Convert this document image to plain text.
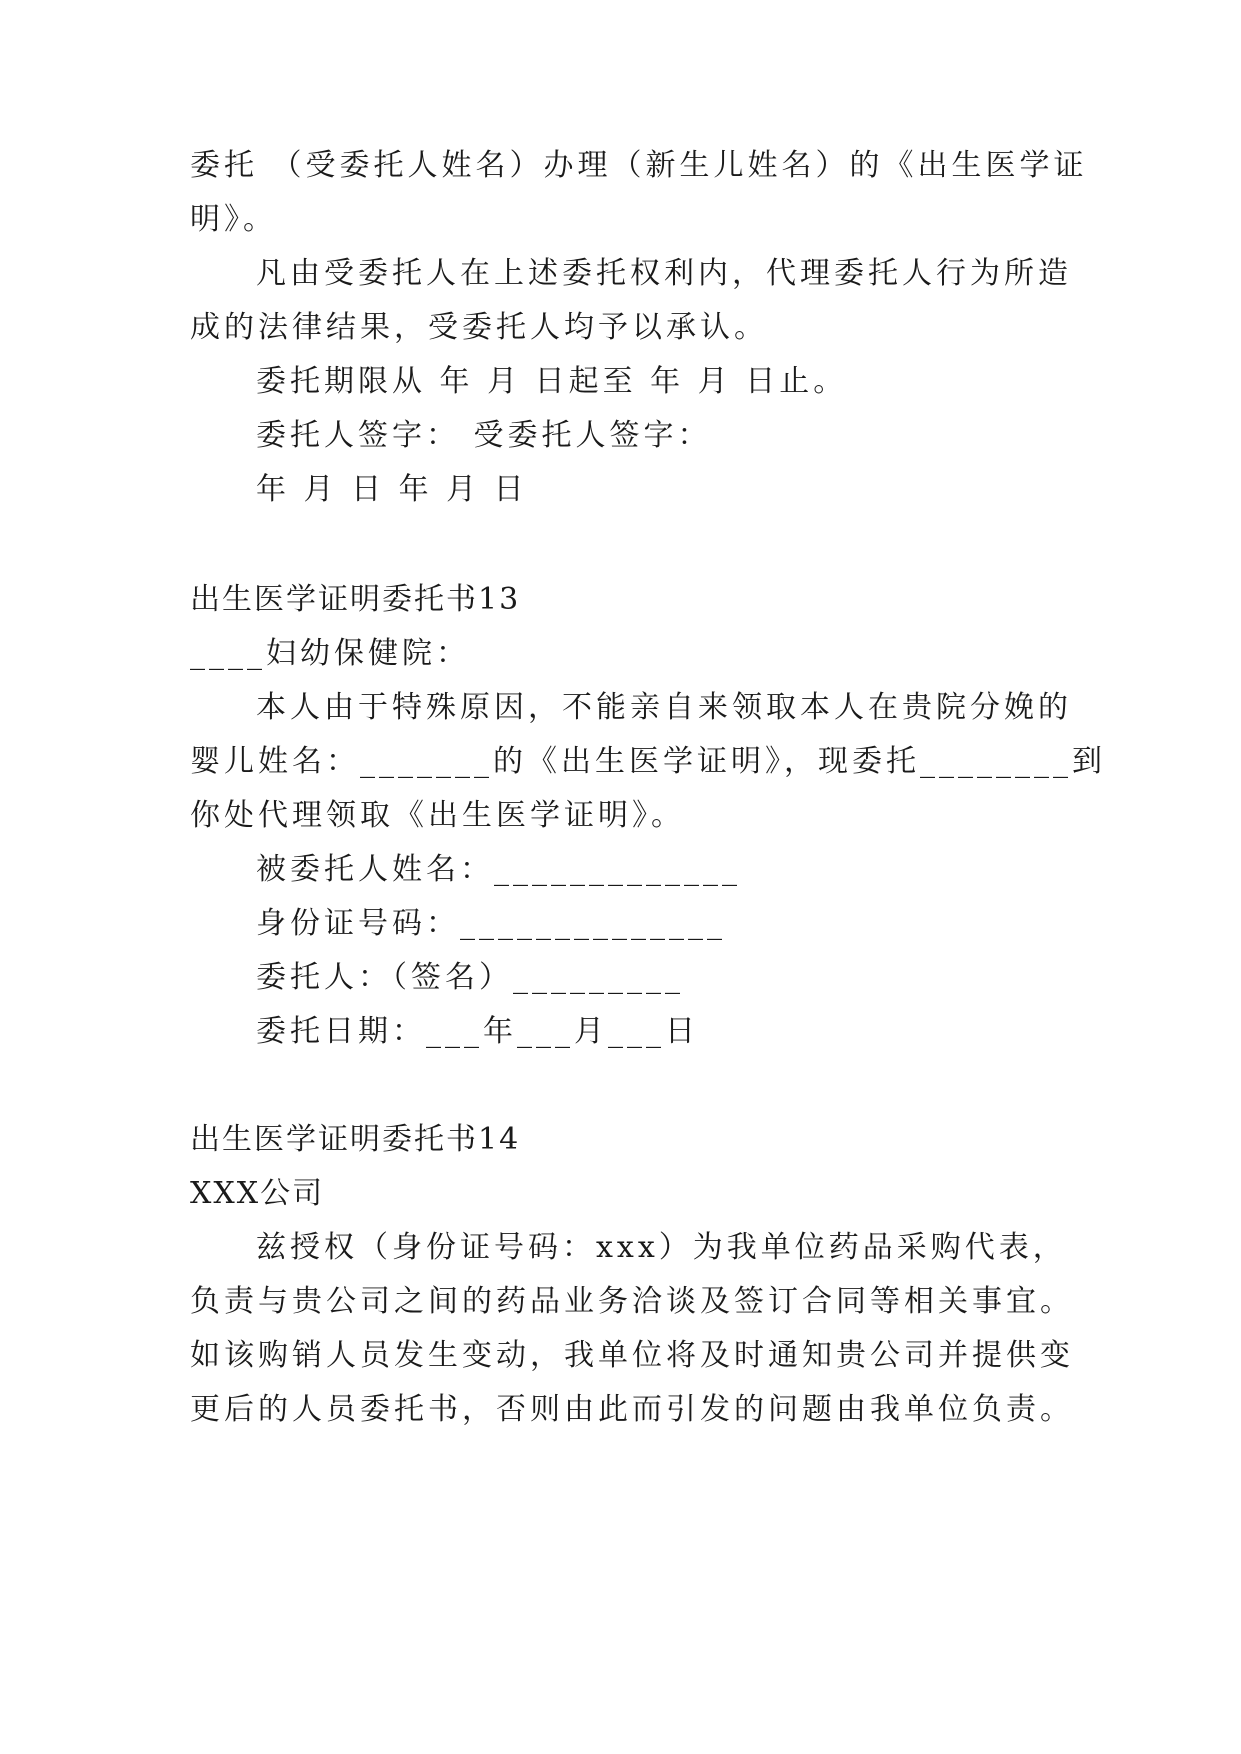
委托 （受委托人姓名）办理（新生儿姓名）的《出生医学证
明》。
凡由受委托人在上述委托权利内，代理委托人行为所造
成的法律结果，受委托人均予以承认。
委托期限从 年 月 日起至 年 月 日止。
委托人签字： 受委托人签字：
年 月 日 年 月 日
出生医学证明委托书13
____妇幼保健院：
本人由于特殊原因，不能亲自来领取本人在贵院分娩的
婴儿姓名：_______的《出生医学证明》，现委托________到
你处代理领取《出生医学证明》。
被委托人姓名：_____________
身份证号码：______________
委托人：（签名）_________
委托日期：___年___月___日
出生医学证明委托书14
XXX公司
兹授权（身份证号码：xxx）为我单位药品采购代表，
负责与贵公司之间的药品业务洽谈及签订合同等相关事宜。
如该购销人员发生变动，我单位将及时通知贵公司并提供变
更后的人员委托书，否则由此而引发的问题由我单位负责。
